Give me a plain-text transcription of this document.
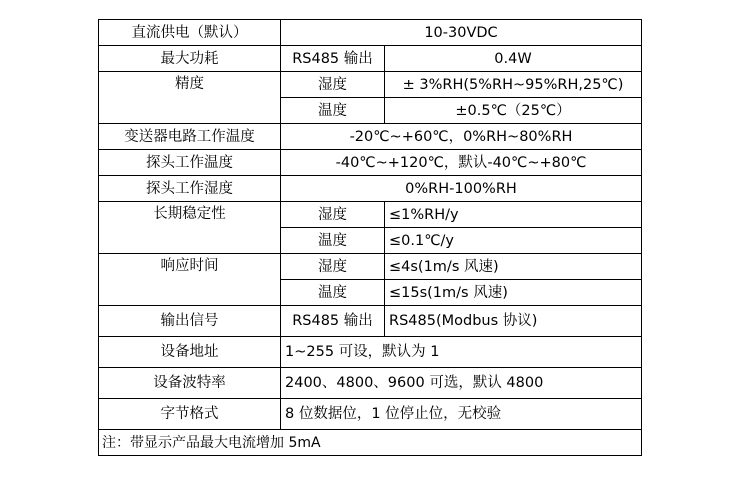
直流供电（默认）	10-30VDC	
最大功耗	RS485 输出	0.4W
精度	湿度	± 3%RH(5%RH~95%RH,25℃)
	温度	±0.5℃（25℃）
变送器电路工作温度	-20℃~+60℃，0%RH~80%RH	
探头工作温度	-40℃~+120℃，默认-40℃~+80℃	
探头工作湿度	0%RH-100%RH	
长期稳定性	湿度	≤1%RH/y
	温度	≤0.1℃/y
响应时间	湿度	≤4s(1m/s 风速)
	温度	≤15s(1m/s 风速)
输出信号	RS485 输出	RS485(Modbus 协议)
设备地址	1~255 可设，默认为 1	
设备波特率	2400、4800、9600 可选，默认 4800	
字节格式	8 位数据位，1 位停止位，无校验	
注：带显示产品最大电流增加 5mA		
